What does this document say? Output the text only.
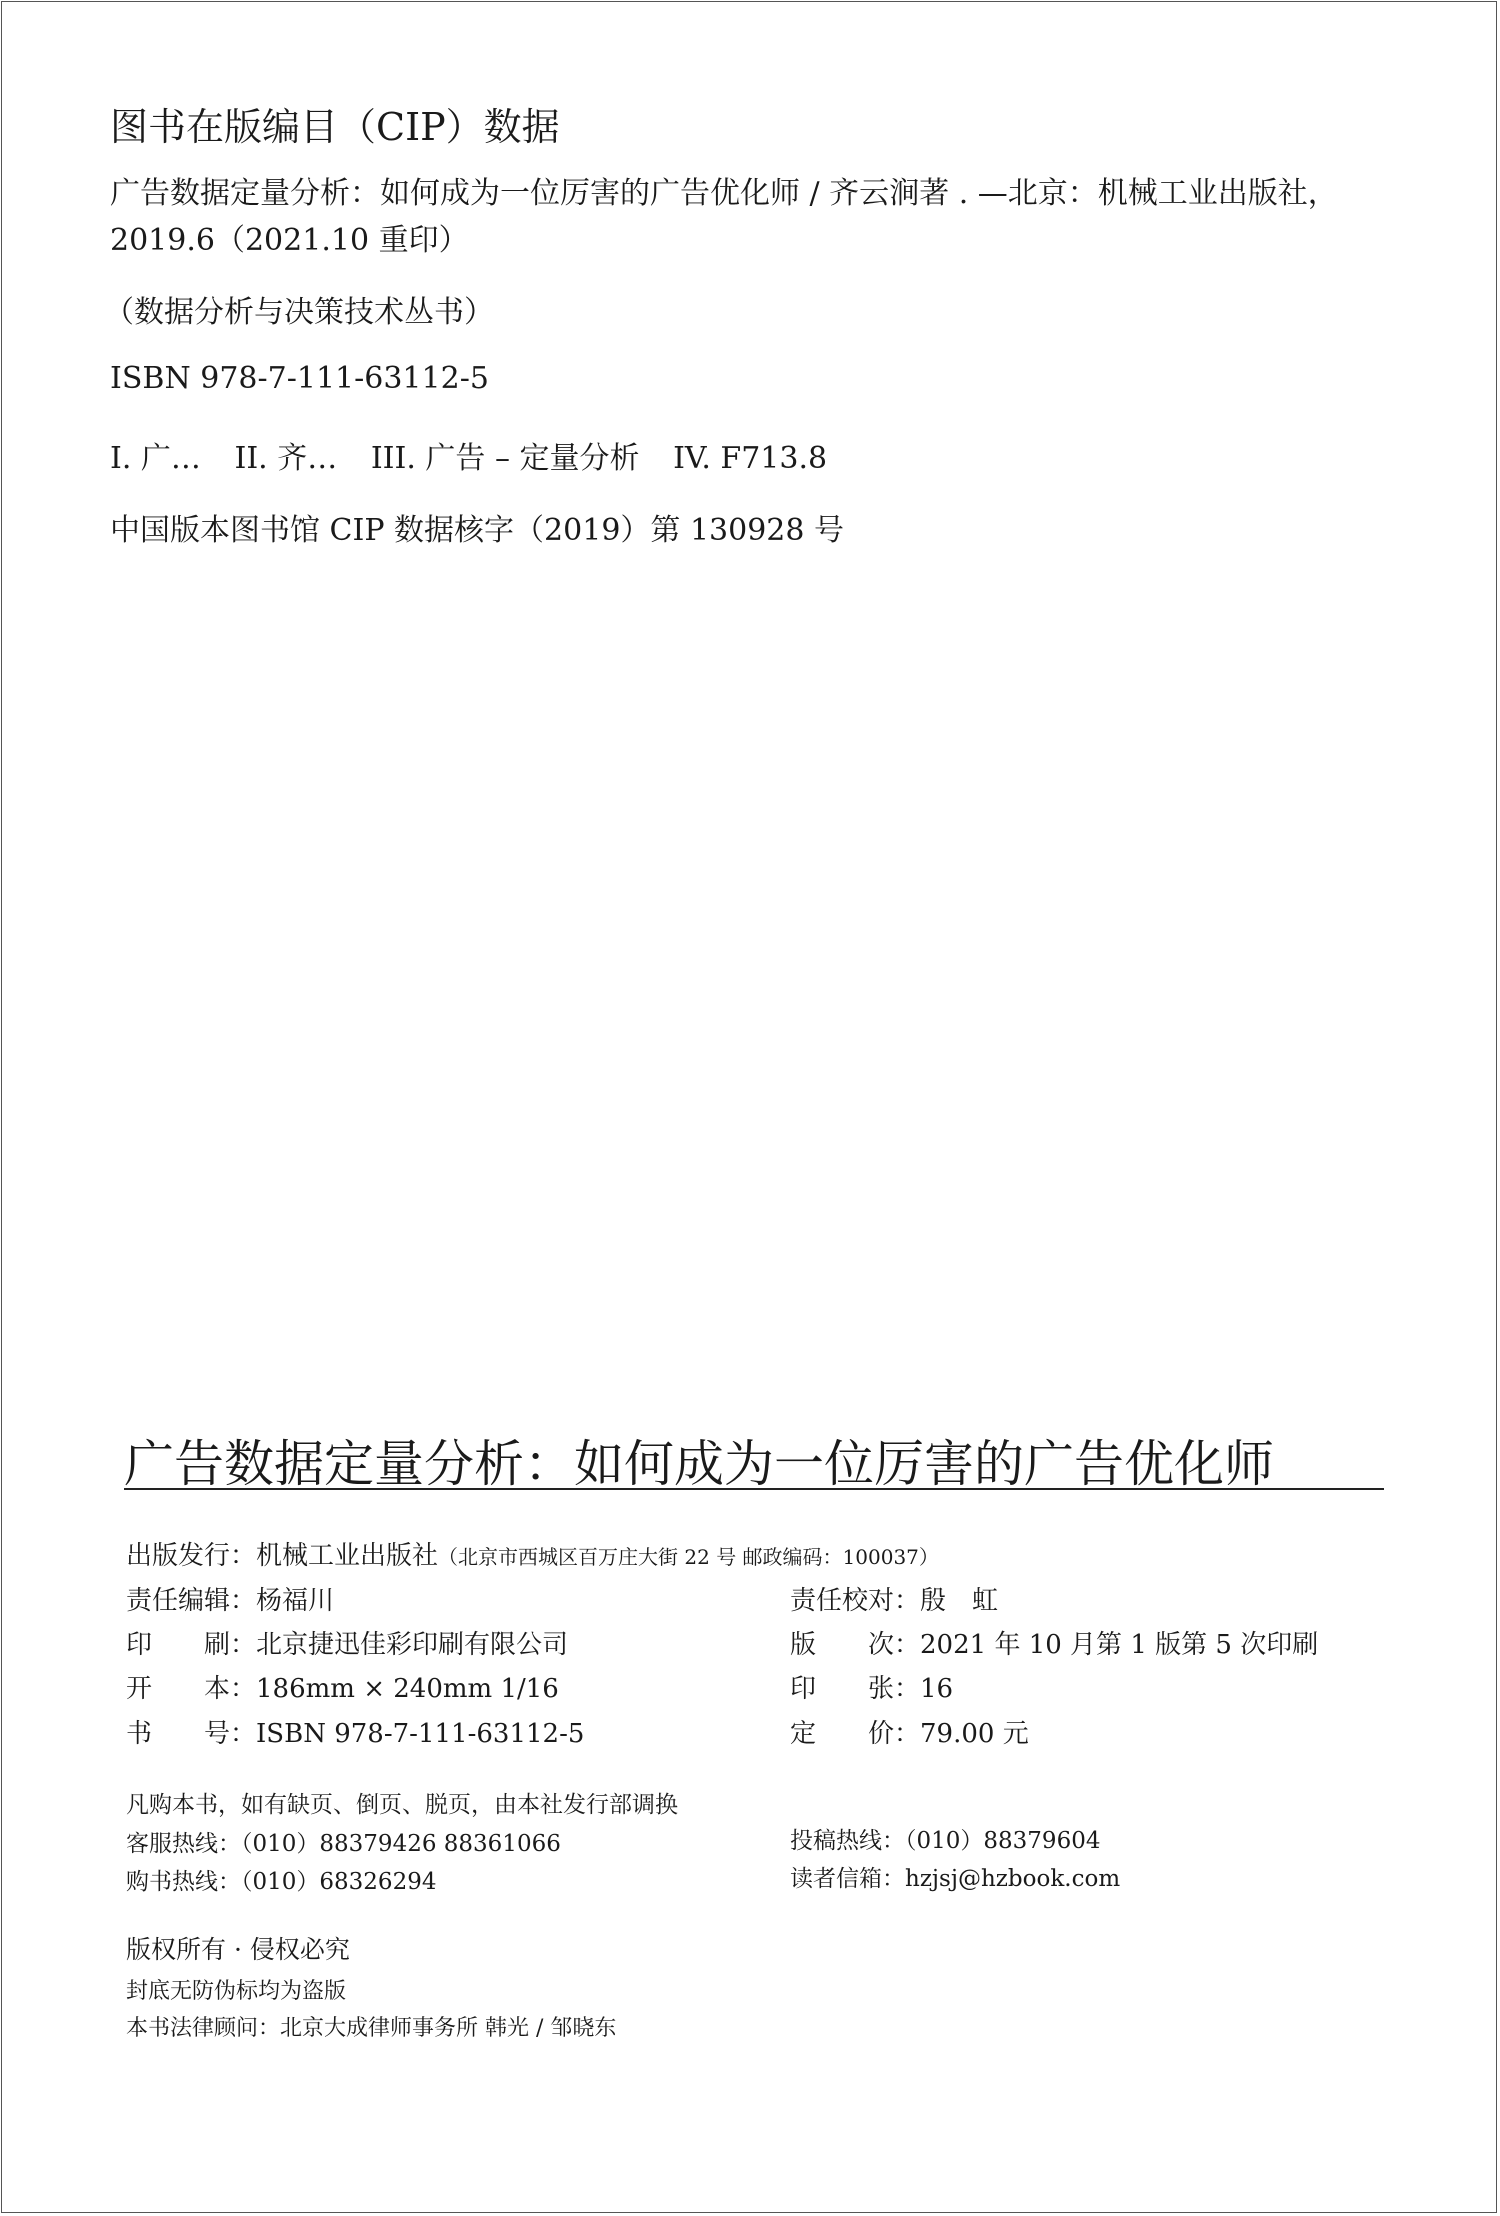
图书在版编目（CIP）数据
广告数据定量分析：如何成为一位厉害的广告优化师 / 齐云涧著 . —北京：机械工业出版社，
2019.6（2021.10 重印）
（数据分析与决策技术丛书）
ISBN 978-7-111-63112-5
I. 广… II. 齐… III. 广告 – 定量分析 IV. F713.8
中国版本图书馆 CIP 数据核字（2019）第 130928 号
广告数据定量分析：如何成为一位厉害的广告优化师
出版发行：机械工业出版社（北京市西城区百万庄大街 22 号 邮政编码：100037）
责任编辑：杨福川	责任校对：殷　虹
印　　刷：北京捷迅佳彩印刷有限公司	版　　次：2021 年 10 月第 1 版第 5 次印刷
开　　本：186mm × 240mm 1/16	印　　张：16
书　　号：ISBN 978-7-111-63112-5	定　　价：79.00 元
凡购本书，如有缺页、倒页、脱页，由本社发行部调换
客服热线：（010）88379426 88361066
购书热线：（010）68326294
投稿热线：（010）88379604
读者信箱：hzjsj@hzbook.com
版权所有 · 侵权必究
封底无防伪标均为盗版
本书法律顾问：北京大成律师事务所 韩光 / 邹晓东
